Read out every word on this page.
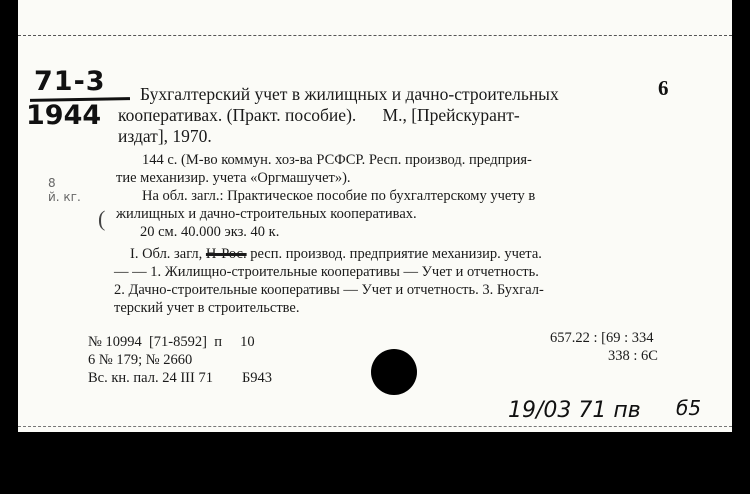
71-3
1944
6
Бухгалтерский учет в жилищных и дачно-строительных
кооперативах. (Практ. пособие).      М., [Прейскурант-
издат], 1970.
144 с. (М-во коммун. хоз-ва РСФСР. Респ. производ. предприя-
тие механизир. учета «Оргмашучет»).
На обл. загл.: Практическое пособие по бухгалтерскому учету в
жилищных и дачно-строительных кооперативах.
20 см. 40.000 экз. 40 к.
I. Обл. загл, Н-Рос. респ. производ. предприятие механизир. учета.
— — 1. Жилищно-строительные кооперативы — Учет и отчетность.
2. Дачно-строительные кооперативы — Учет и отчетность. 3. Бухгал-
терский учет в строительстве.
№ 10994  [71-8592]  п     10
6 № 179; № 2660
Вс. кн. пал. 24 III 71        Б943
657.22 : [69 : 334
338 : 6С
8
й. кг.
(
19/03 71 пв б5
